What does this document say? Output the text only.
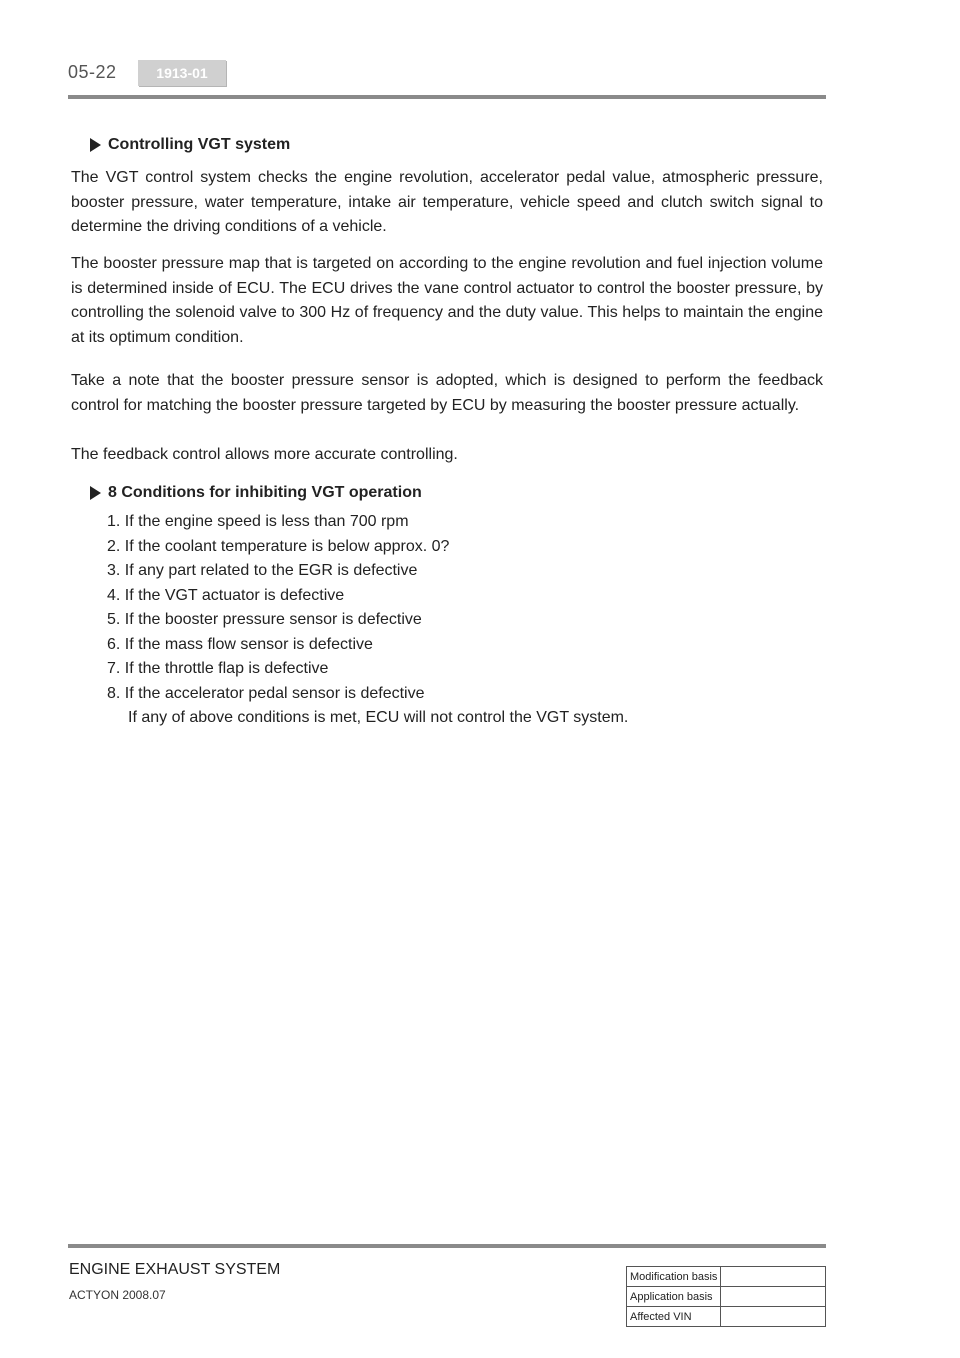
05-22	1913-01
Controlling VGT system

The VGT control system checks the engine revolution, accelerator pedal value, atmospheric pressure, booster pressure, water temperature, intake air temperature, vehicle speed and clutch switch signal to determine the driving conditions of a vehicle.

The booster pressure map that is targeted on according to the engine revolution and fuel injection volume is determined inside of ECU. The ECU drives the vane control actuator to control the booster pressure, by controlling the solenoid valve to 300 Hz of frequency and the duty value. This helps to maintain the engine at its optimum condition.

Take a note that the booster pressure sensor is adopted, which is designed to perform the feedback control for matching the booster pressure targeted by ECU by measuring the booster pressure actually.

The feedback control allows more accurate controlling.

8 Conditions for inhibiting VGT operation
1. If the engine speed is less than 700 rpm
2. If the coolant temperature is below approx. 0?
3. If any part related to the EGR is defective
4. If the VGT actuator is defective
5. If the booster pressure sensor is defective
6. If the mass flow sensor is defective
7. If the throttle flap is defective
8. If the accelerator pedal sensor is defective
If any of above conditions is met, ECU will not control the VGT system.
ENGINE EXHAUST SYSTEM
ACTYON 2008.07
Modification basis	
Application basis	
Affected VIN	
